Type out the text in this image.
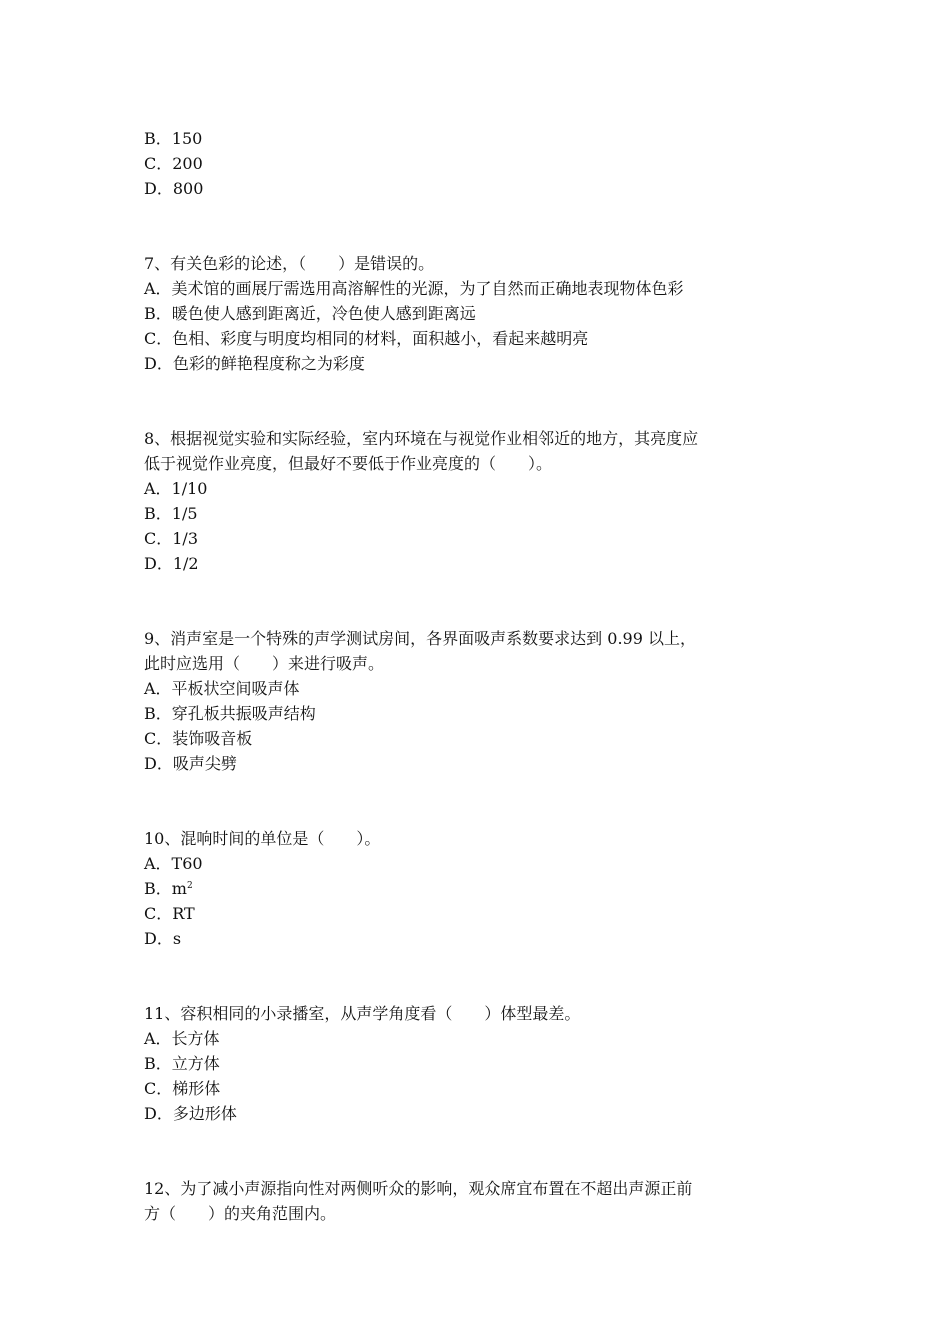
B．150
C．200
D．800
7、有关色彩的论述，（　　）是错误的。
A．美术馆的画展厅需选用高溶解性的光源，为了自然而正确地表现物体色彩
B．暖色使人感到距离近，冷色使人感到距离远
C．色相、彩度与明度均相同的材料，面积越小，看起来越明亮
D．色彩的鲜艳程度称之为彩度
8、根据视觉实验和实际经验，室内环境在与视觉作业相邻近的地方，其亮度应
低于视觉作业亮度，但最好不要低于作业亮度的（　　）。
A．1/10
B．1/5
C．1/3
D．1/2
9、消声室是一个特殊的声学测试房间，各界面吸声系数要求达到 0.99 以上，
此时应选用（　　）来进行吸声。
A．平板状空间吸声体
B．穿孔板共振吸声结构
C．装饰吸音板
D．吸声尖劈
10、混响时间的单位是（　　）。
A．T60
B．$m^2$
C．RT
D．s
11、容积相同的小录播室，从声学角度看（　　）体型最差。
A．长方体
B．立方体
C．梯形体
D．多边形体
12、为了减小声源指向性对两侧听众的影响，观众席宜布置在不超出声源正前
方（　　）的夹角范围内。
